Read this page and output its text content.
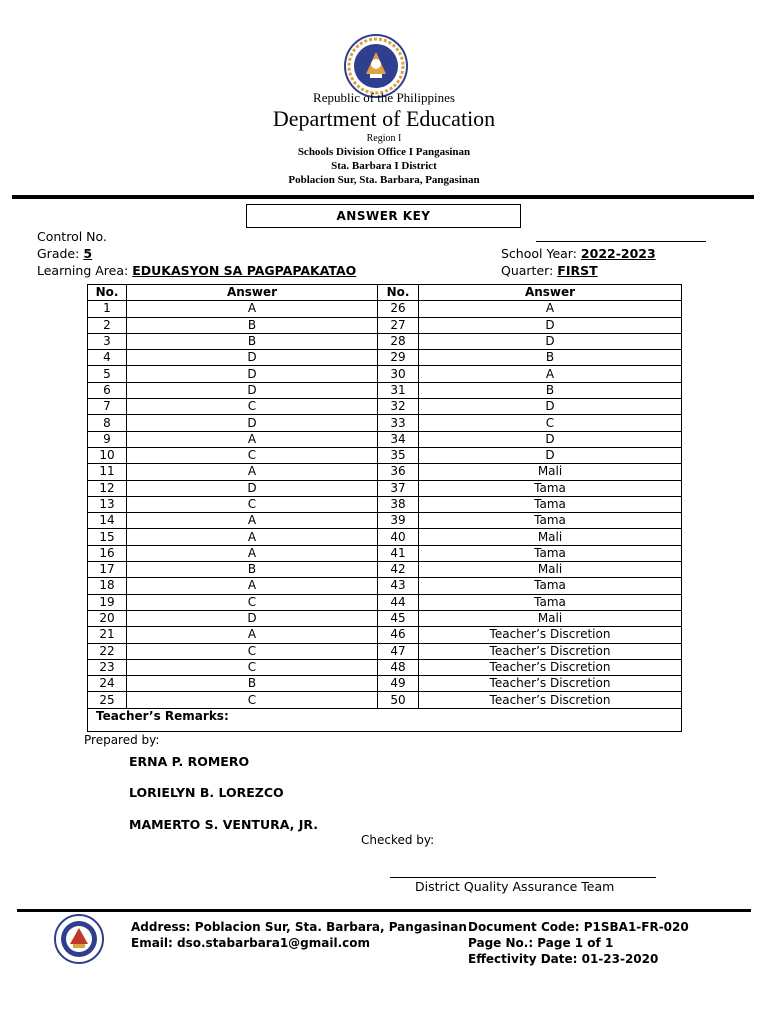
Republic of the Philippines
Department of Education
Region I
Schools Division Office I Pangasinan
Sta. Barbara I District
Poblacion Sur, Sta. Barbara, Pangasinan
ANSWER KEY
Control No.
Grade: 5
Learning Area: EDUKASYON SA PAGPAPAKATAO
School Year: 2022-2023
Quarter: FIRST
No.	Answer	No.	Answer
1	A	26	A
2	B	27	D
3	B	28	D
4	D	29	B
5	D	30	A
6	D	31	B
7	C	32	D
8	D	33	C
9	A	34	D
10	C	35	D
11	A	36	Mali
12	D	37	Tama
13	C	38	Tama
14	A	39	Tama
15	A	40	Mali
16	A	41	Tama
17	B	42	Mali
18	A	43	Tama
19	C	44	Tama
20	D	45	Mali
21	A	46	Teacher’s Discretion
22	C	47	Teacher’s Discretion
23	C	48	Teacher’s Discretion
24	B	49	Teacher’s Discretion
25	C	50	Teacher’s Discretion
Teacher’s Remarks:			
Prepared by:
ERNA P. ROMERO
LORIELYN B. LOREZCO
MAMERTO S. VENTURA, JR.
Checked by:
District Quality Assurance Team
Address: Poblacion Sur, Sta. Barbara, Pangasinan
Email: dso.stabarbara1@gmail.com
Document Code: P1SBA1-FR-020
Page No.: Page 1 of 1
Effectivity Date: 01-23-2020
